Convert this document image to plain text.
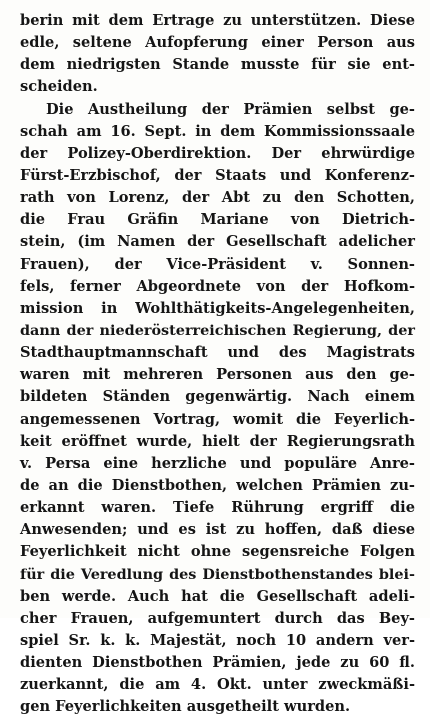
berin mit dem Ertrage zu unterstützen. Diese
edle, seltene Aufopferung einer Person aus
dem niedrigsten Stande musste für sie ent-
scheiden.
Die Austheilung der Prämien selbst ge-
schah am 16. Sept. in dem Kommissionssaale
der Polizey-Oberdirektion. Der ehrwürdige
Fürst-Erzbischof, der Staats und Konferenz-
rath von Lorenz, der Abt zu den Schotten,
die Frau Gräfin Mariane von Dietrich-
stein, (im Namen der Gesellschaft adelicher
Frauen), der Vice-Präsident v. Sonnen-
fels, ferner Abgeordnete von der Hofkom-
mission in Wohlthätigkeits-Angelegenheiten,
dann der niederösterreichischen Regierung, der
Stadthauptmannschaft und des Magistrats
waren mit mehreren Personen aus den ge-
bildeten Ständen gegenwärtig. Nach einem
angemessenen Vortrag, womit die Feyerlich-
keit eröffnet wurde, hielt der Regierungsrath
v. Persa eine herzliche und populäre Anre-
de an die Dienstbothen, welchen Prämien zu-
erkannt waren. Tiefe Rührung ergriff die
Anwesenden; und es ist zu hoffen, daß diese
Feyerlichkeit nicht ohne segensreiche Folgen
für die Veredlung des Dienstbothenstandes blei-
ben werde. Auch hat die Gesellschaft adeli-
cher Frauen, aufgemuntert durch das Bey-
spiel Sr. k. k. Majestät, noch 10 andern ver-
dienten Dienstbothen Prämien, jede zu 60 fl.
zuerkannt, die am 4. Okt. unter zweckmäßi-
gen Feyerlichkeiten ausgetheilt wurden.
